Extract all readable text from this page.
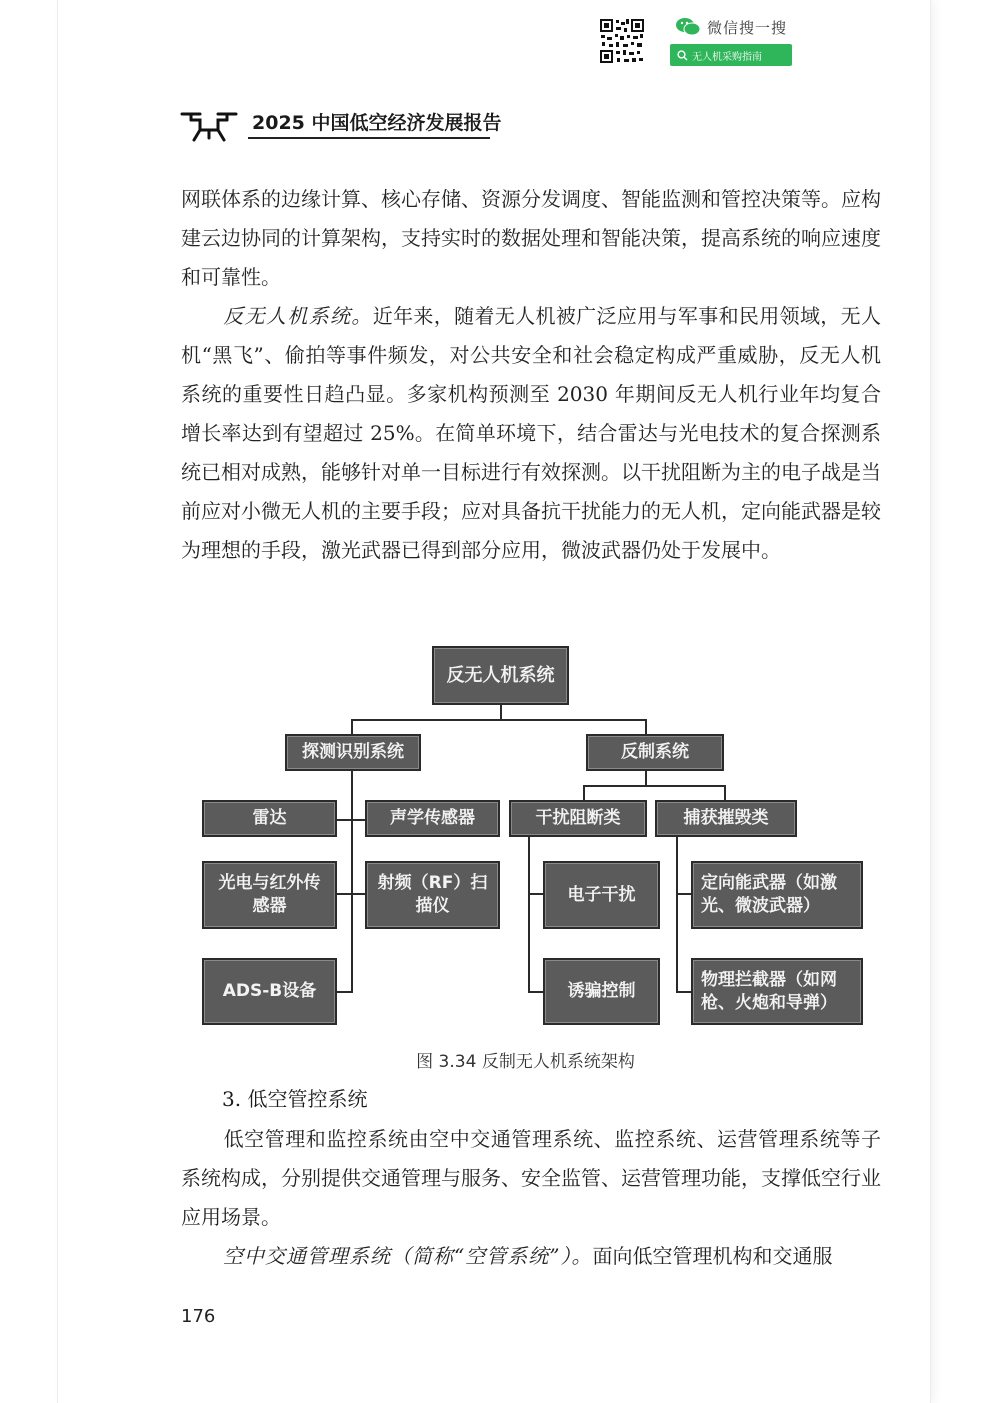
微信搜一搜
无人机采购指南
2025 中国低空经济发展报告
网联体系的边缘计算、核心存储、资源分发调度、智能监测和管控决策等。应构建云边协同的计算架构，支持实时的数据处理和智能决策，提高系统的响应速度和可靠性。
反无人机系统。近年来，随着无人机被广泛应用与军事和民用领域，无人机“黑飞”、偷拍等事件频发，对公共安全和社会稳定构成严重威胁，反无人机系统的重要性日趋凸显。多家机构预测至 2030 年期间反无人机行业年均复合增长率达到有望超过 25%。在简单环境下，结合雷达与光电技术的复合探测系统已相对成熟，能够针对单一目标进行有效探测。以干扰阻断为主的电子战是当前应对小微无人机的主要手段；应对具备抗干扰能力的无人机，定向能武器是较为理想的手段，激光武器已得到部分应用，微波武器仍处于发展中。
反无人机系统
探测识别系统	反制系统
雷达	声学传感器
光电与红外传感器
射频（RF）扫描仪
ADS-B设备
干扰阻断类	捕获摧毁类
电子干扰
诱骗控制
定向能武器（如激光、微波武器）
物理拦截器（如网枪、火炮和导弹）
图 3.34 反制无人机系统架构
3. 低空管控系统
低空管理和监控系统由空中交通管理系统、监控系统、运营管理系统等子系统构成，分别提供交通管理与服务、安全监管、运营管理功能，支撑低空行业应用场景。
空中交通管理系统（简称“空管系统”）。面向低空管理机构和交通服
176
